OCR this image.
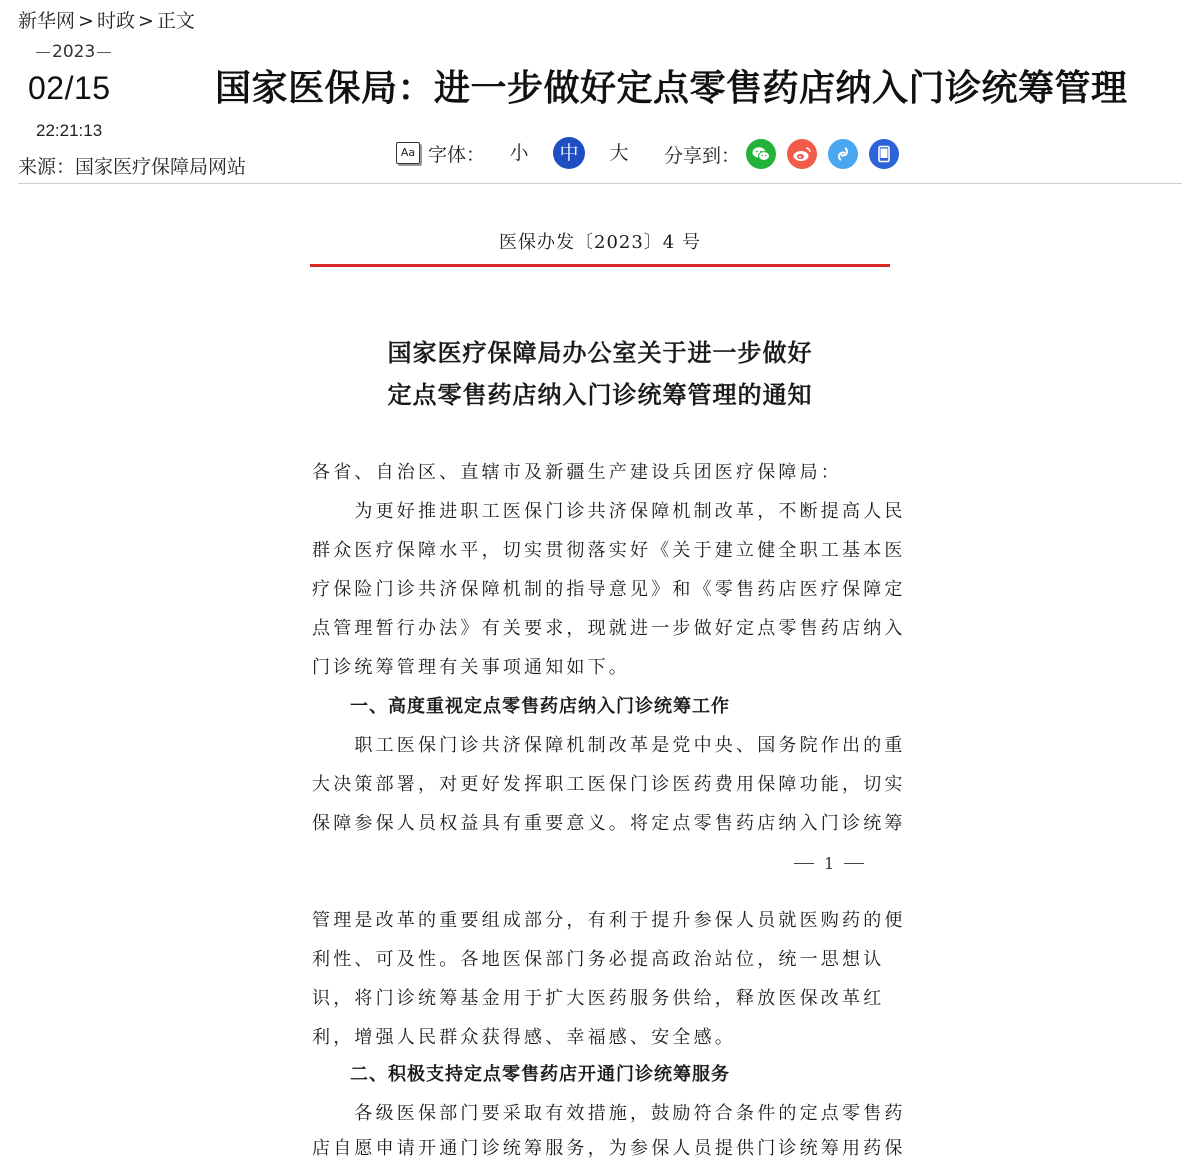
新华网 > 时政 > 正文
2023
02/15
22:21:13
来源：国家医疗保障局网站
国家医保局：进一步做好定点零售药店纳入门诊统筹管理
Aa 字体：	小	中	大	分享到：
医保办发〔2023〕4 号
国家医疗保障局办公室关于进一步做好
定点零售药店纳入门诊统筹管理的通知
各省、自治区、直辖市及新疆生产建设兵团医疗保障局：
　　为更好推进职工医保门诊共济保障机制改革，不断提高人民
群众医疗保障水平，切实贯彻落实好《关于建立健全职工基本医
疗保险门诊共济保障机制的指导意见》和《零售药店医疗保障定
点管理暂行办法》有关要求，现就进一步做好定点零售药店纳入
门诊统筹管理有关事项通知如下。
　　一、高度重视定点零售药店纳入门诊统筹工作
　　职工医保门诊共济保障机制改革是党中央、国务院作出的重
大决策部署，对更好发挥职工医保门诊医药费用保障功能，切实
保障参保人员权益具有重要意义。将定点零售药店纳入门诊统筹
1
管理是改革的重要组成部分，有利于提升参保人员就医购药的便
利性、可及性。各地医保部门务必提高政治站位，统一思想认
识，将门诊统筹基金用于扩大医药服务供给，释放医保改革红
利，增强人民群众获得感、幸福感、安全感。
　　二、积极支持定点零售药店开通门诊统筹服务
　　各级医保部门要采取有效措施，鼓励符合条件的定点零售药
店自愿申请开通门诊统筹服务，为参保人员提供门诊统筹用药保
